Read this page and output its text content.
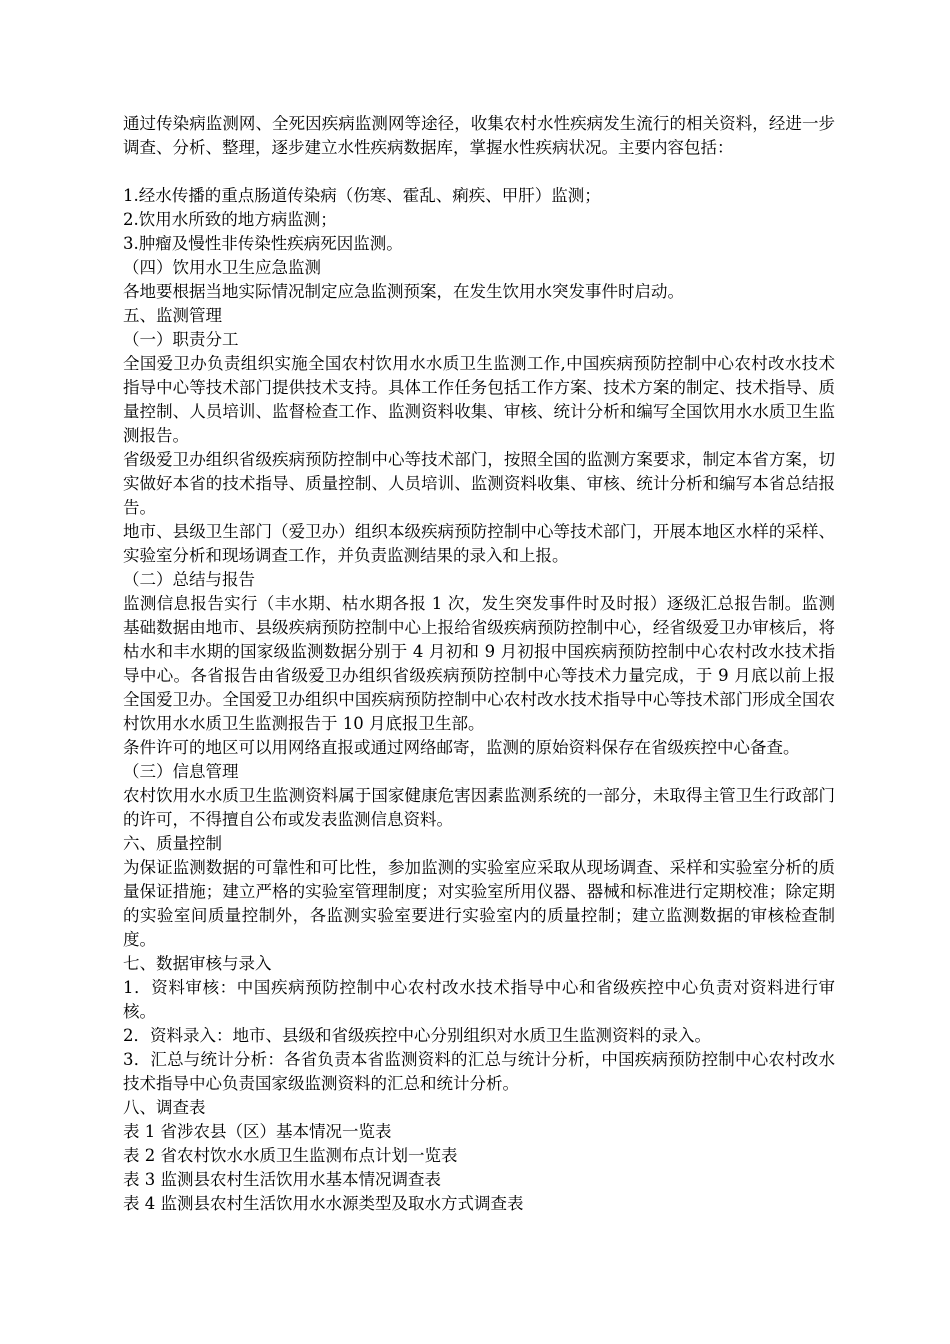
通过传染病监测网、全死因疾病监测网等途径，收集农村水性疾病发生流行的相关资料，经进一步调查、分析、整理，逐步建立水性疾病数据库，掌握水性疾病状况。主要内容包括：

1.经水传播的重点肠道传染病（伤寒、霍乱、痢疾、甲肝）监测；

2.饮用水所致的地方病监测；

3.肿瘤及慢性非传染性疾病死因监测。

（四）饮用水卫生应急监测

各地要根据当地实际情况制定应急监测预案，在发生饮用水突发事件时启动。

五、监测管理

（一）职责分工

全国爱卫办负责组织实施全国农村饮用水水质卫生监测工作,中国疾病预防控制中心农村改水技术指导中心等技术部门提供技术支持。具体工作任务包括工作方案、技术方案的制定、技术指导、质量控制、人员培训、监督检查工作、监测资料收集、审核、统计分析和编写全国饮用水水质卫生监测报告。

省级爱卫办组织省级疾病预防控制中心等技术部门，按照全国的监测方案要求，制定本省方案，切实做好本省的技术指导、质量控制、人员培训、监测资料收集、审核、统计分析和编写本省总结报告。

地市、县级卫生部门（爱卫办）组织本级疾病预防控制中心等技术部门，开展本地区水样的采样、实验室分析和现场调查工作，并负责监测结果的录入和上报。

（二）总结与报告

监测信息报告实行（丰水期、枯水期各报 1 次，发生突发事件时及时报）逐级汇总报告制。监测基础数据由地市、县级疾病预防控制中心上报给省级疾病预防控制中心，经省级爱卫办审核后，将枯水和丰水期的国家级监测数据分别于 4 月初和 9 月初报中国疾病预防控制中心农村改水技术指导中心。各省报告由省级爱卫办组织省级疾病预防控制中心等技术力量完成，于 9 月底以前上报全国爱卫办。全国爱卫办组织中国疾病预防控制中心农村改水技术指导中心等技术部门形成全国农村饮用水水质卫生监测报告于 10 月底报卫生部。

条件许可的地区可以用网络直报或通过网络邮寄，监测的原始资料保存在省级疾控中心备查。

（三）信息管理

农村饮用水水质卫生监测资料属于国家健康危害因素监测系统的一部分，未取得主管卫生行政部门的许可，不得擅自公布或发表监测信息资料。

六、质量控制

为保证监测数据的可靠性和可比性，参加监测的实验室应采取从现场调查、采样和实验室分析的质量保证措施；建立严格的实验室管理制度；对实验室所用仪器、器械和标准进行定期校准；除定期的实验室间质量控制外，各监测实验室要进行实验室内的质量控制；建立监测数据的审核检查制度。

七、数据审核与录入

1．资料审核：中国疾病预防控制中心农村改水技术指导中心和省级疾控中心负责对资料进行审核。

2．资料录入：地市、县级和省级疾控中心分别组织对水质卫生监测资料的录入。

3．汇总与统计分析：各省负责本省监测资料的汇总与统计分析，中国疾病预防控制中心农村改水技术指导中心负责国家级监测资料的汇总和统计分析。

八、调查表

表 1 省涉农县（区）基本情况一览表

表 2 省农村饮水水质卫生监测布点计划一览表

表 3 监测县农村生活饮用水基本情况调查表

表 4 监测县农村生活饮用水水源类型及取水方式调查表
